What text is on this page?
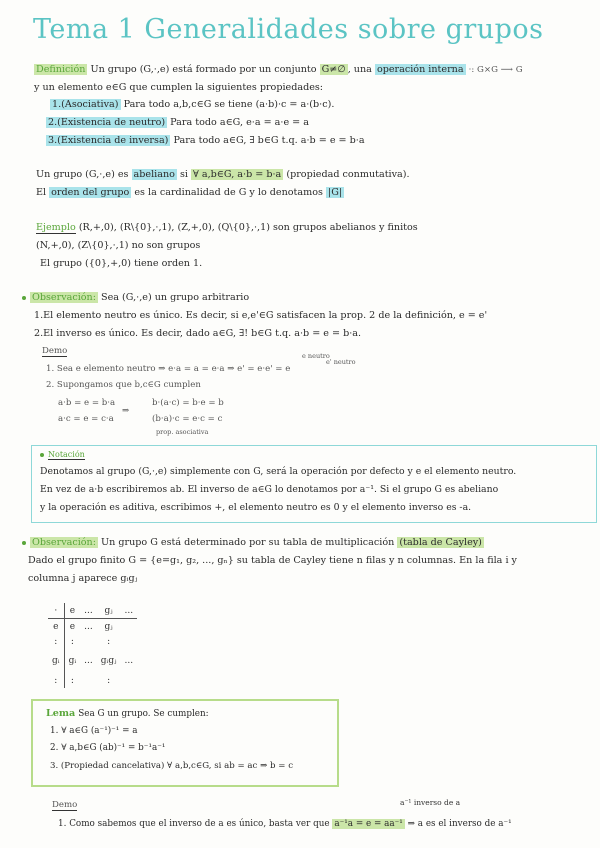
Tema 1 Generalidades sobre grupos
Definición Un grupo (G,·,e) está formado por un conjunto G≠∅ , una operación interna ·: G×G ⟶ G
y un elemento e∈G que cumplen la siguientes propiedades:
1.(Asociativa) Para todo a,b,c∈G se tiene (a·b)·c = a·(b·c).
2.(Existencia de neutro) Para todo a∈G, e·a = a·e = a
3.(Existencia de inversa) Para todo a∈G, ∃ b∈G t.q. a·b = e = b·a
Un grupo (G,·,e) es abeliano si ∀ a,b∈G, a·b = b·a (propiedad conmutativa).
El orden del grupo es la cardinalidad de G y lo denotamos |G|
Ejemplo (R,+,0), (R\{0},·,1), (Z,+,0), (Q\{0},·,1) son grupos abelianos y finitos
(N,+,0), (Z\{0},·,1) no son grupos
El grupo ({0},+,0) tiene orden 1.
Observación: Sea (G,·,e) un grupo arbitrario
1.El elemento neutro es único. Es decir, si e,e'∈G satisfacen la prop. 2 de la definición, e = e'
2.El inverso es único. Es decir, dado a∈G, ∃! b∈G t.q. a·b = e = b·a.
Demo	e neutro
e' neutro
1. Sea e elemento neutro ⇒ e·a = a = e·a ⇒ e' = e·e' = e
2. Supongamos que b,c∈G cumplen
a·b = e = b·a
a·c = e = c·a
⇒
b·(a·c) = b·e = b
(b·a)·c = e·c = c
prop. asociativa
Notación
Denotamos al grupo (G,·,e) simplemente con G, será la operación por defecto y e el elemento neutro.
En vez de a·b escribiremos ab. El inverso de a∈G lo denotamos por a⁻¹. Si el grupo G es abeliano
y la operación es aditiva, escribimos +, el elemento neutro es 0 y el elemento inverso es -a.
Observación: Un grupo G está determinado por su tabla de multiplicación (tabla de Cayley)
Dado el grupo finito G = {e=g₁, g₂, ..., gₙ} su tabla de Cayley tiene n filas y n columnas. En la fila i y
columna j aparece gᵢgⱼ
·	e	...	gⱼ	...
e	e	...	gⱼ	
:	:		:	
gᵢ	gᵢ	...	gᵢgⱼ	...
:	:		:	
Lema Sea G un grupo. Se cumplen:
1. ∀ a∈G (a⁻¹)⁻¹ = a
2. ∀ a,b∈G (ab)⁻¹ = b⁻¹a⁻¹
3. (Propiedad cancelativa) ∀ a,b,c∈G, si ab = ac ⇒ b = c
Demo	a⁻¹ inverso de a
1. Como sabemos que el inverso de a es único, basta ver que a⁻¹a = e = aa⁻¹ ⇒ a es el inverso de a⁻¹
